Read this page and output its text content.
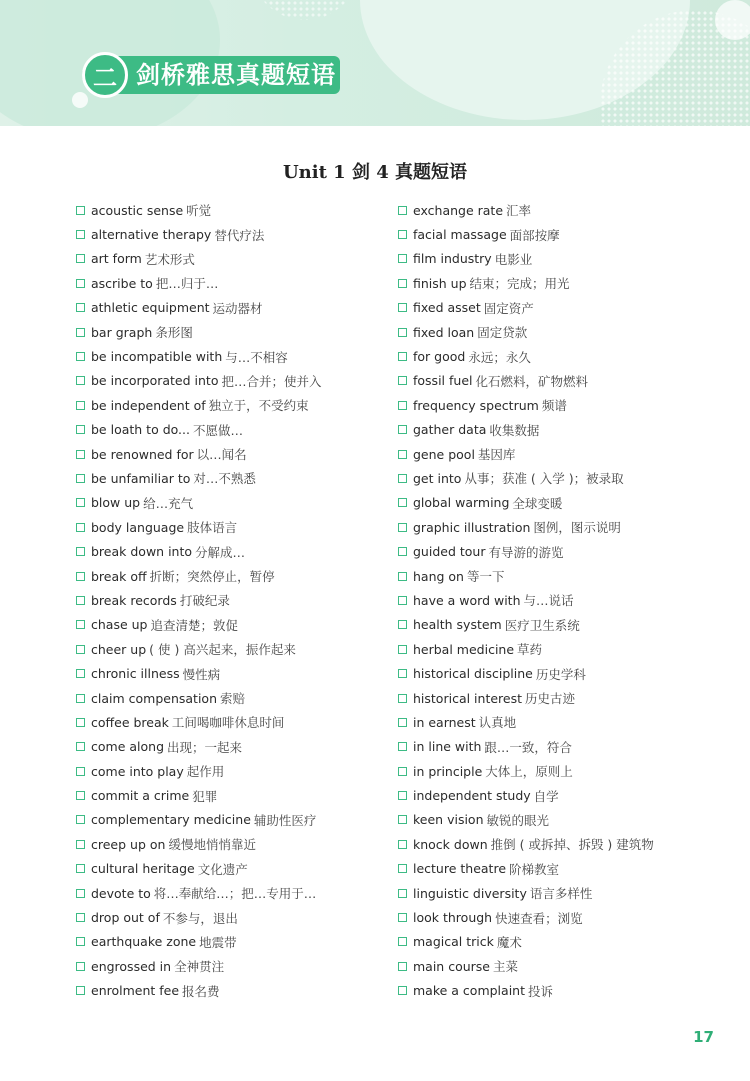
二 剑桥雅思真题短语
Unit 1 剑 4 真题短语
acoustic sense 听觉
alternative therapy 替代疗法
art form 艺术形式
ascribe to 把…归于…
athletic equipment 运动器材
bar graph 条形图
be incompatible with 与…不相容
be incorporated into 把…合并；使并入
be independent of 独立于，不受约束
be loath to do... 不愿做…
be renowned for 以…闻名
be unfamiliar to 对…不熟悉
blow up 给…充气
body language 肢体语言
break down into 分解成…
break off 折断；突然停止，暂停
break records 打破纪录
chase up 追查清楚；敦促
cheer up ( 使 ) 高兴起来，振作起来
chronic illness 慢性病
claim compensation 索赔
coffee break 工间喝咖啡休息时间
come along 出现；一起来
come into play 起作用
commit a crime 犯罪
complementary medicine 辅助性医疗
creep up on 缓慢地悄悄靠近
cultural heritage 文化遗产
devote to 将…奉献给…；把…专用于…
drop out of 不参与，退出
earthquake zone 地震带
engrossed in 全神贯注
enrolment fee 报名费
exchange rate 汇率
facial massage 面部按摩
film industry 电影业
finish up 结束；完成；用光
fixed asset 固定资产
fixed loan 固定贷款
for good 永远；永久
fossil fuel 化石燃料，矿物燃料
frequency spectrum 频谱
gather data 收集数据
gene pool 基因库
get into 从事；获准 ( 入学 )；被录取
global warming 全球变暖
graphic illustration 图例，图示说明
guided tour 有导游的游览
hang on 等一下
have a word with 与…说话
health system 医疗卫生系统
herbal medicine 草药
historical discipline 历史学科
historical interest 历史古迹
in earnest 认真地
in line with 跟…一致，符合
in principle 大体上，原则上
independent study 自学
keen vision 敏锐的眼光
knock down 推倒 ( 或拆掉、拆毁 ) 建筑物
lecture theatre 阶梯教室
linguistic diversity 语言多样性
look through 快速查看；浏览
magical trick 魔术
main course 主菜
make a complaint 投诉
17
